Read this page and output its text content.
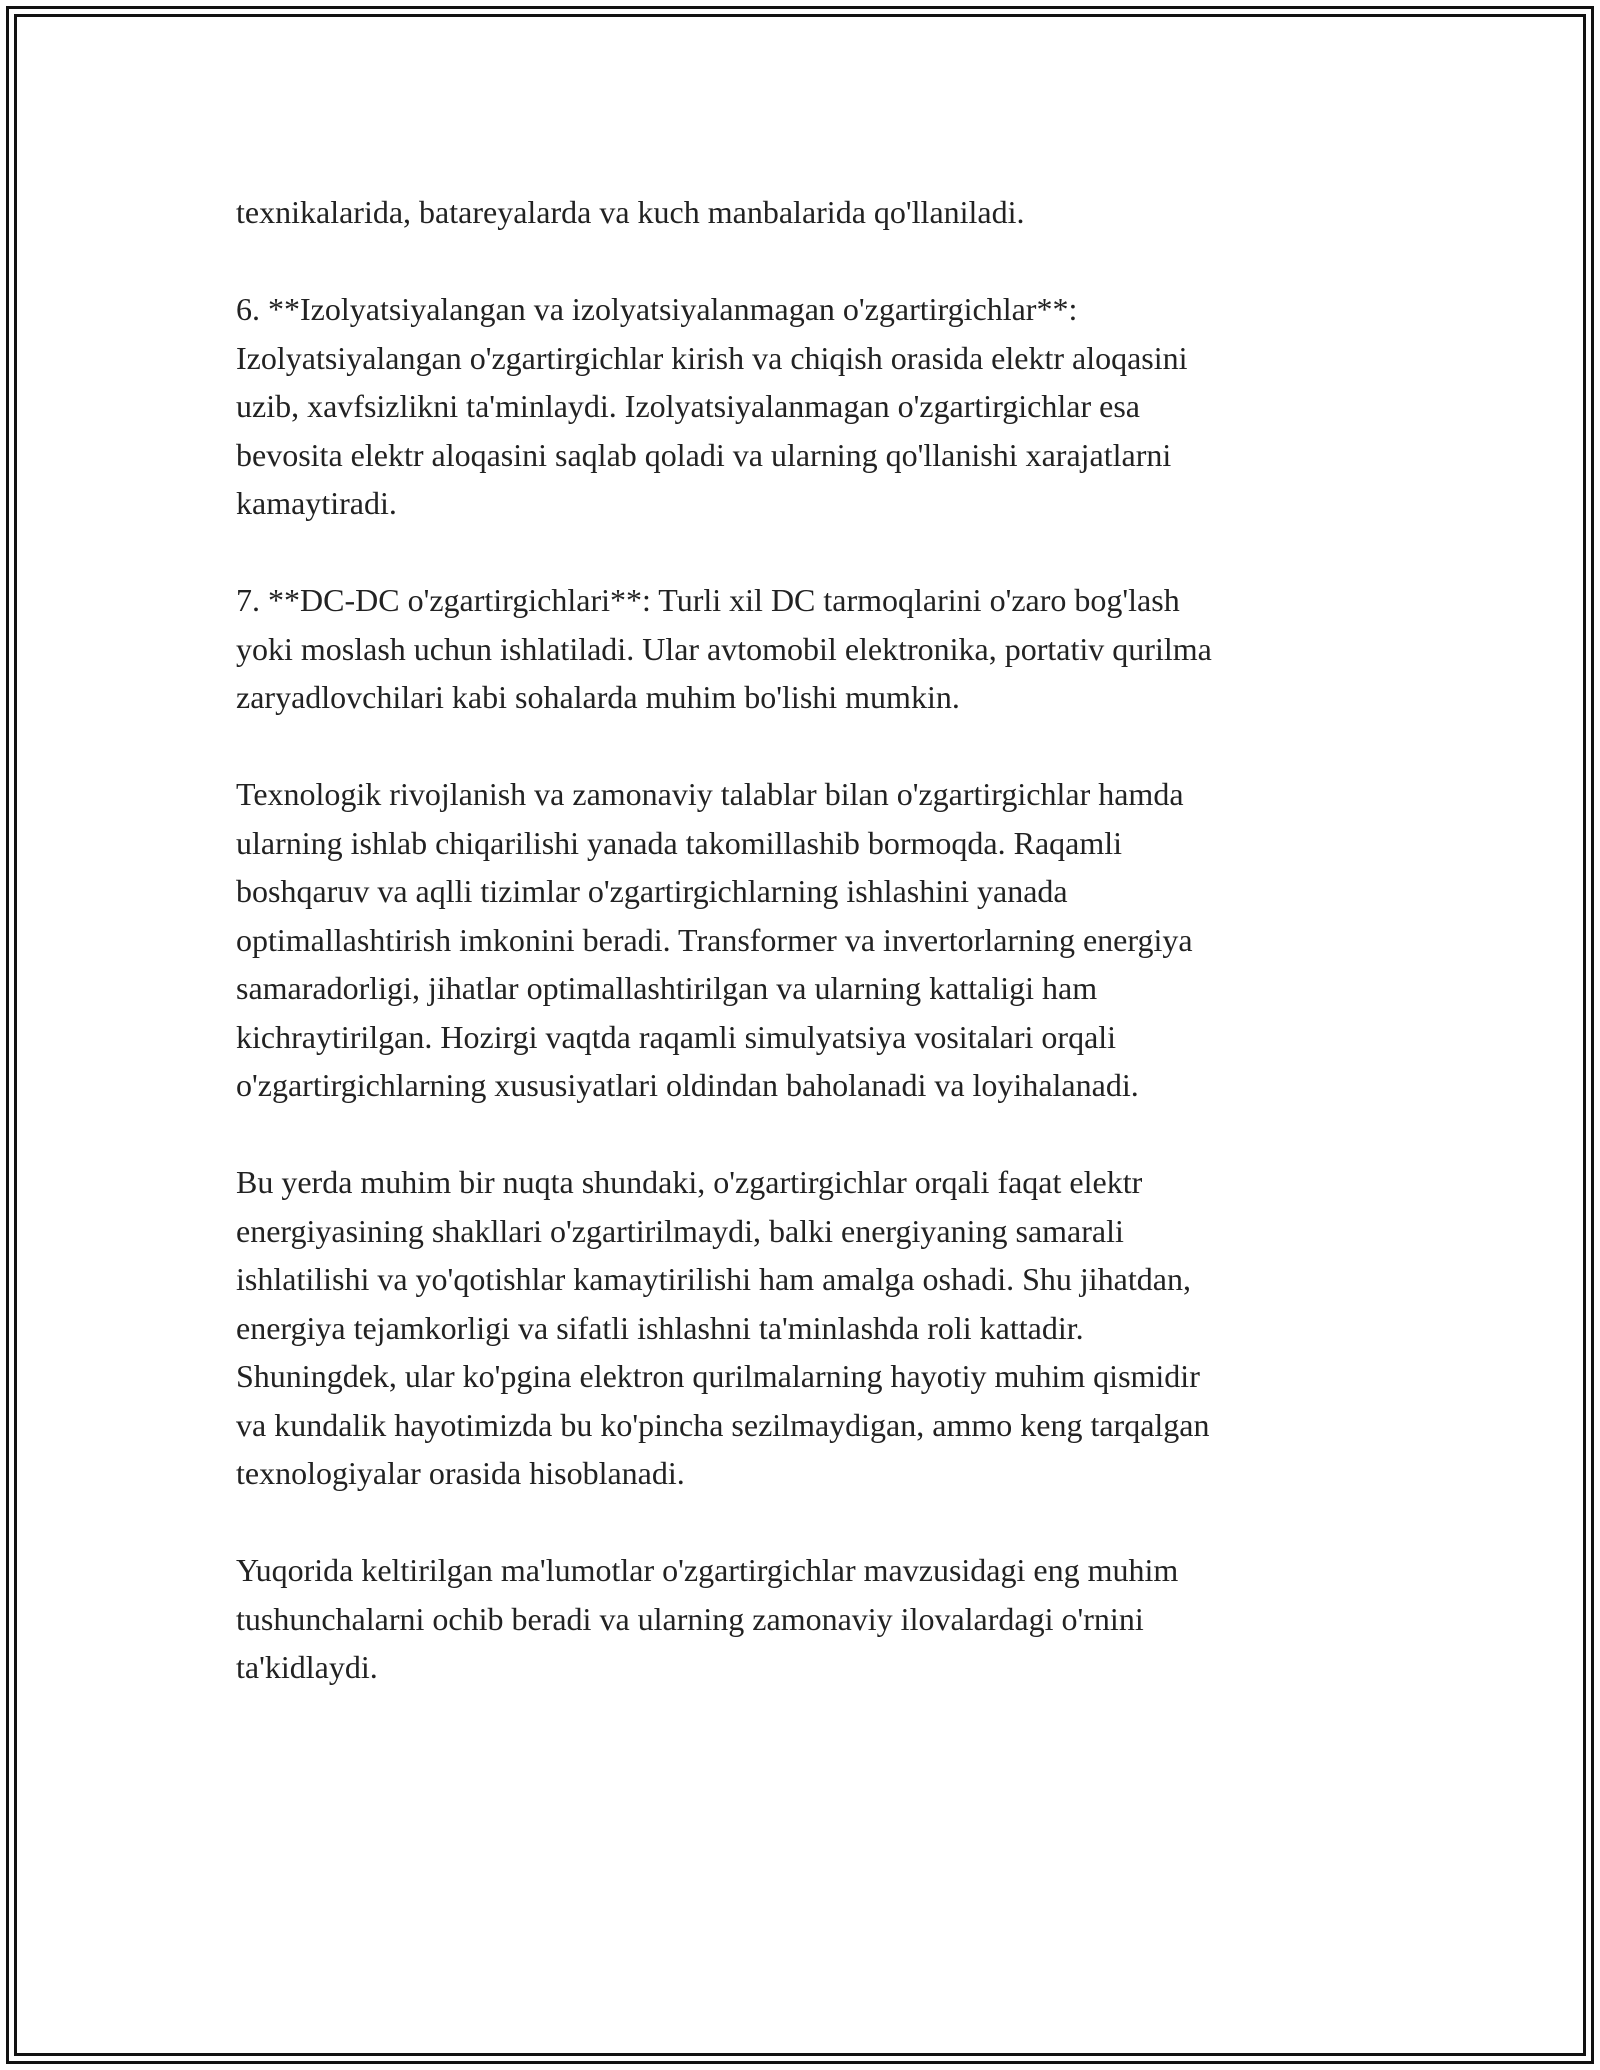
texnikalarida, batareyalarda va kuch manbalarida qo'llaniladi.

6. **Izolyatsiyalangan va izolyatsiyalanmagan o'zgartirgichlar**:
Izolyatsiyalangan o'zgartirgichlar kirish va chiqish orasida elektr aloqasini
uzib, xavfsizlikni ta'minlaydi. Izolyatsiyalanmagan o'zgartirgichlar esa
bevosita elektr aloqasini saqlab qoladi va ularning qo'llanishi xarajatlarni
kamaytiradi.

7. **DC-DC o'zgartirgichlari**: Turli xil DC tarmoqlarini o'zaro bog'lash
yoki moslash uchun ishlatiladi. Ular avtomobil elektronika, portativ qurilma
zaryadlovchilari kabi sohalarda muhim bo'lishi mumkin.

Texnologik rivojlanish va zamonaviy talablar bilan o'zgartirgichlar hamda
ularning ishlab chiqarilishi yanada takomillashib bormoqda. Raqamli
boshqaruv va aqlli tizimlar o'zgartirgichlarning ishlashini yanada
optimallashtirish imkonini beradi. Transformer va invertorlarning energiya
samaradorligi, jihatlar optimallashtirilgan va ularning kattaligi ham
kichraytirilgan. Hozirgi vaqtda raqamli simulyatsiya vositalari orqali
o'zgartirgichlarning xususiyatlari oldindan baholanadi va loyihalanadi.

Bu yerda muhim bir nuqta shundaki, o'zgartirgichlar orqali faqat elektr
energiyasining shakllari o'zgartirilmaydi, balki energiyaning samarali
ishlatilishi va yo'qotishlar kamaytirilishi ham amalga oshadi. Shu jihatdan,
energiya tejamkorligi va sifatli ishlashni ta'minlashda roli kattadir.
Shuningdek, ular ko'pgina elektron qurilmalarning hayotiy muhim qismidir
va kundalik hayotimizda bu ko'pincha sezilmaydigan, ammo keng tarqalgan
texnologiyalar orasida hisoblanadi.

Yuqorida keltirilgan ma'lumotlar o'zgartirgichlar mavzusidagi eng muhim
tushunchalarni ochib beradi va ularning zamonaviy ilovalardagi o'rnini
ta'kidlaydi.
